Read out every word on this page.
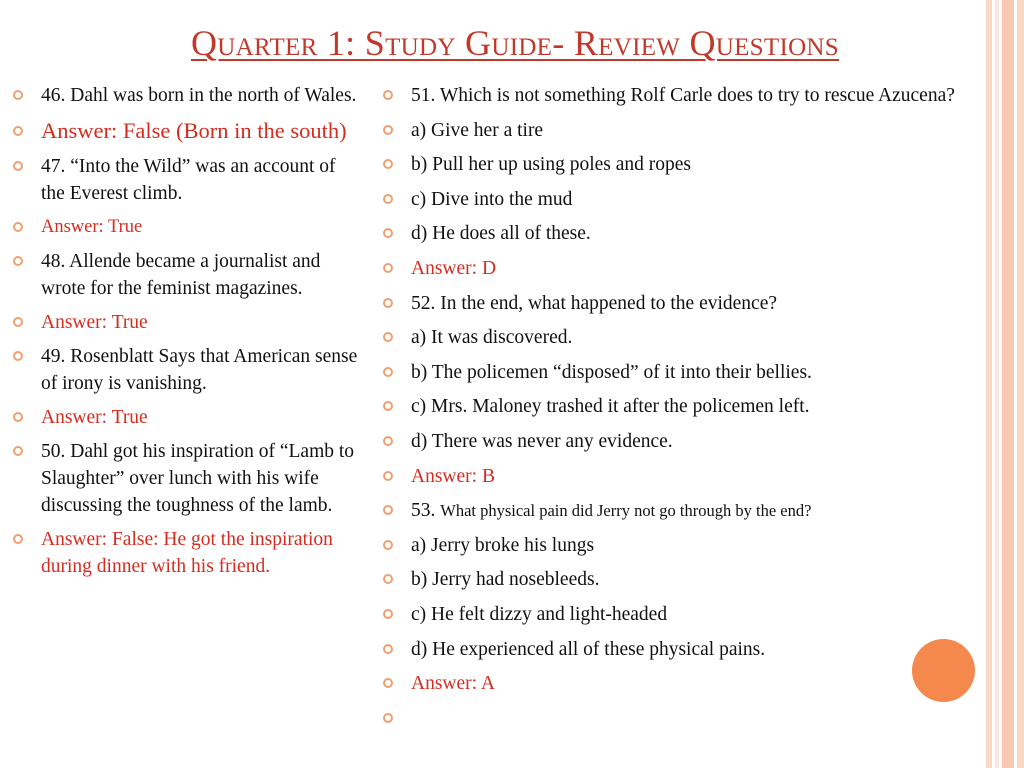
Quarter 1: Study Guide- Review Questions
46. Dahl was born in the north of Wales.
Answer: False (Born in the south)
47. “Into the Wild” was an account of the Everest climb.
Answer: True
48. Allende became a journalist and wrote for the feminist magazines.
Answer: True
49. Rosenblatt Says that American sense of irony is vanishing.
Answer: True
50. Dahl got his inspiration of “Lamb to Slaughter” over lunch with his wife discussing the toughness of the lamb.
Answer: False: He got the inspiration during dinner with his friend.
51. Which is not something Rolf Carle does to try to rescue Azucena?
a) Give her a tire
b) Pull her up using poles and ropes
c) Dive into the mud
d) He does all of these.
Answer: D
52. In the end, what happened to the evidence?
a) It was discovered.
b) The policemen “disposed” of it into their bellies.
c) Mrs. Maloney trashed it after the policemen left.
d) There was never any evidence.
Answer: B
53. What physical pain did Jerry not go through by the end?
a) Jerry broke his lungs
b) Jerry had nosebleeds.
c) He felt dizzy and light-headed
d) He experienced all of these physical pains.
Answer: A
